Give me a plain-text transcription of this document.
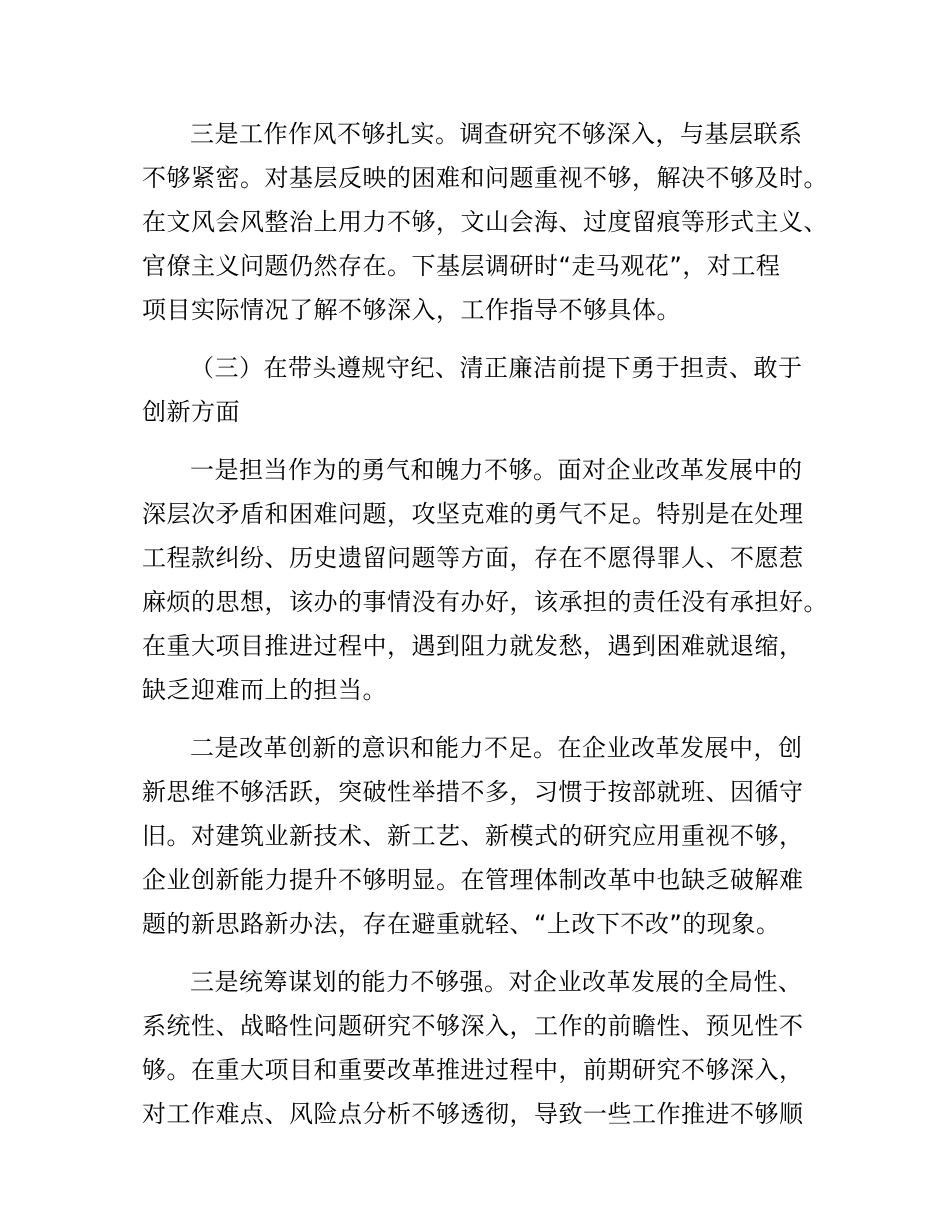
三是工作作风不够扎实。调查研究不够深入，与基层联系
不够紧密。对基层反映的困难和问题重视不够，解决不够及时。
在文风会风整治上用力不够，文山会海、过度留痕等形式主义、
官僚主义问题仍然存在。下基层调研时“走马观花”，对工程
项目实际情况了解不够深入，工作指导不够具体。
（三）在带头遵规守纪、清正廉洁前提下勇于担责、敢于
创新方面
一是担当作为的勇气和魄力不够。面对企业改革发展中的
深层次矛盾和困难问题，攻坚克难的勇气不足。特别是在处理
工程款纠纷、历史遗留问题等方面，存在不愿得罪人、不愿惹
麻烦的思想，该办的事情没有办好，该承担的责任没有承担好。
在重大项目推进过程中，遇到阻力就发愁，遇到困难就退缩，
缺乏迎难而上的担当。
二是改革创新的意识和能力不足。在企业改革发展中，创
新思维不够活跃，突破性举措不多，习惯于按部就班、因循守
旧。对建筑业新技术、新工艺、新模式的研究应用重视不够，
企业创新能力提升不够明显。在管理体制改革中也缺乏破解难
题的新思路新办法，存在避重就轻、“上改下不改”的现象。
三是统筹谋划的能力不够强。对企业改革发展的全局性、
系统性、战略性问题研究不够深入，工作的前瞻性、预见性不
够。在重大项目和重要改革推进过程中，前期研究不够深入，
对工作难点、风险点分析不够透彻，导致一些工作推进不够顺
